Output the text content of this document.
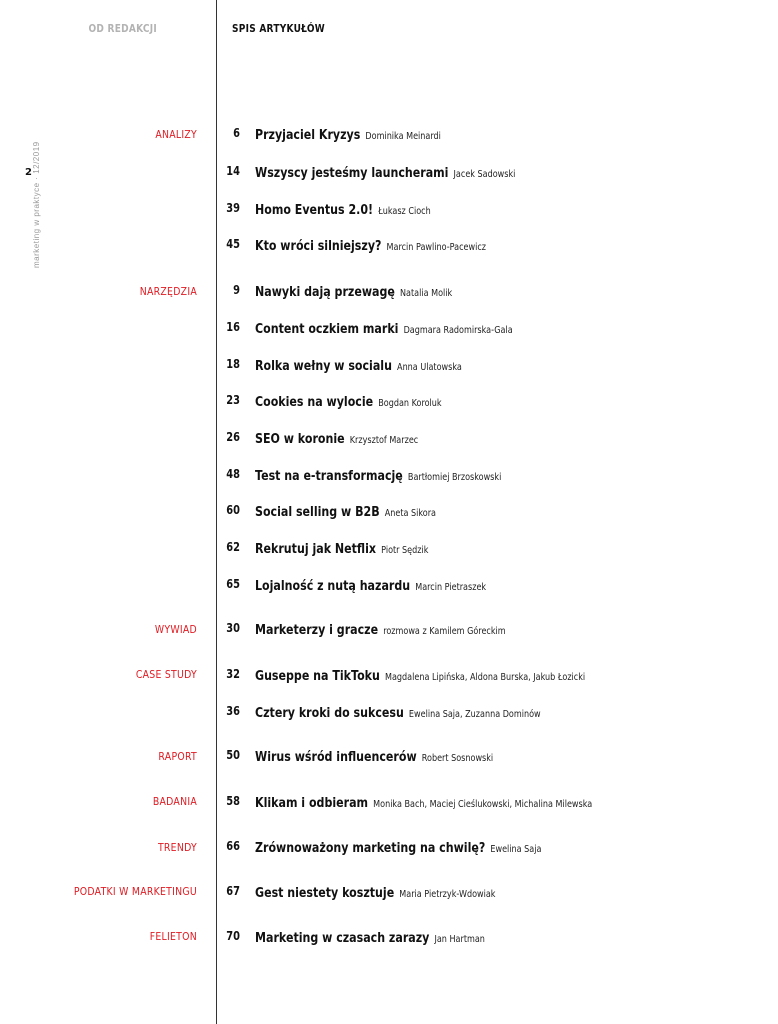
OD REDAKCJI	SPIS ARTYKUŁÓW
marketing w praktyce · 12/2019
2
ANALIZY
NARZĘDZIA
WYWIAD
CASE STUDY
RAPORT
BADANIA
TRENDY
PODATKI W MARKETINGU
FELIETON
6 Przyjaciel Kryzys Dominika Meinardi
14 Wszyscy jesteśmy launcherami Jacek Sadowski
39 Homo Eventus 2.0! Łukasz Cioch
45 Kto wróci silniejszy? Marcin Pawlino-Pacewicz
9 Nawyki dają przewagę Natalia Molik
16 Content oczkiem marki Dagmara Radomirska-Gala
18 Rolka wełny w socialu Anna Ulatowska
23 Cookies na wylocie Bogdan Koroluk
26 SEO w koronie Krzysztof Marzec
48 Test na e-transformację Bartłomiej Brzoskowski
60 Social selling w B2B Aneta Sikora
62 Rekrutuj jak Netflix Piotr Sędzik
65 Lojalność z nutą hazardu Marcin Pietraszek
30 Marketerzy i gracze rozmowa z Kamilem Góreckim
32 Guseppe na TikToku Magdalena Lipińska, Aldona Burska, Jakub Łozicki
36 Cztery kroki do sukcesu Ewelina Saja, Zuzanna Dominów
50 Wirus wśród influencerów Robert Sosnowski
58 Klikam i odbieram Monika Bach, Maciej Cieślukowski, Michalina Milewska
66 Zrównoważony marketing na chwilę? Ewelina Saja
67 Gest niestety kosztuje Maria Pietrzyk-Wdowiak
70 Marketing w czasach zarazy Jan Hartman
